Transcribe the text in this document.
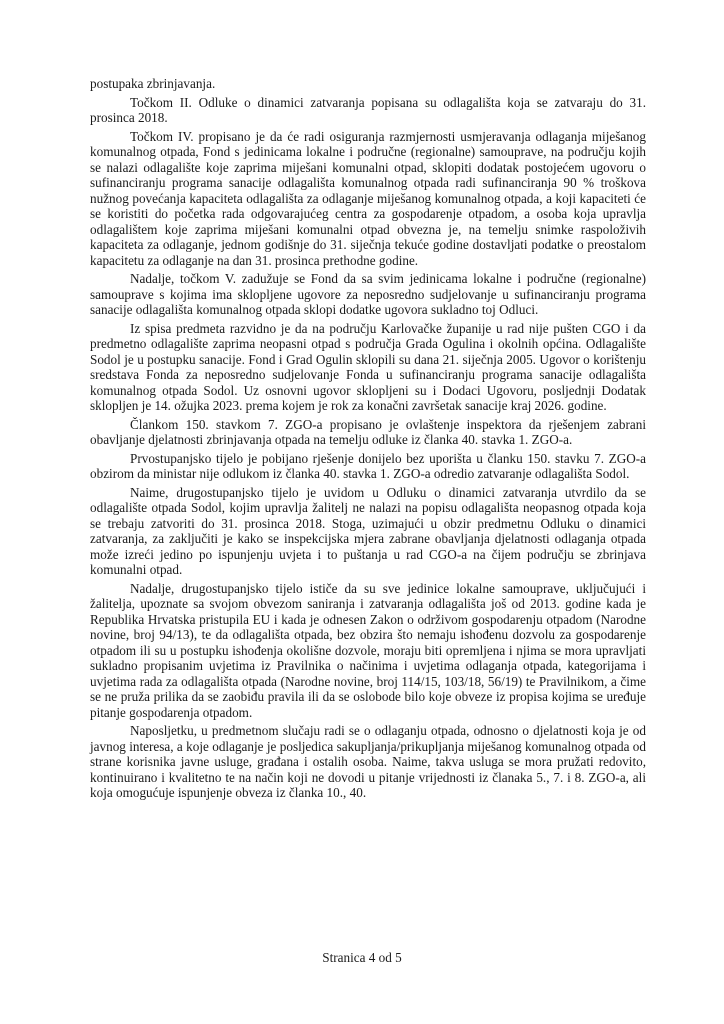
postupaka zbrinjavanja.

Točkom II. Odluke o dinamici zatvaranja popisana su odlagališta koja se zatvaraju do 31. prosinca 2018.

Točkom IV. propisano je da će radi osiguranja razmjernosti usmjeravanja odlaganja miješanog komunalnog otpada, Fond s jedinicama lokalne i područne (regionalne) samouprave, na području kojih se nalazi odlagalište koje zaprima miješani komunalni otpad, sklopiti dodatak postojećem ugovoru o sufinanciranju programa sanacije odlagališta komunalnog otpada radi sufinanciranja 90 % troškova nužnog povećanja kapaciteta odlagališta za odlaganje miješanog komunalnog otpada, a koji kapaciteti će se koristiti do početka rada odgovarajućeg centra za gospodarenje otpadom, a osoba koja upravlja odlagalištem koje zaprima miješani komunalni otpad obvezna je, na temelju snimke raspoloživih kapaciteta za odlaganje, jednom godišnje do 31. siječnja tekuće godine dostavljati podatke o preostalom kapacitetu za odlaganje na dan 31. prosinca prethodne godine.

Nadalje, točkom V. zadužuje se Fond da sa svim jedinicama lokalne i područne (regionalne) samouprave s kojima ima sklopljene ugovore za neposredno sudjelovanje u sufinanciranju programa sanacije odlagališta komunalnog otpada sklopi dodatke ugovora sukladno toj Odluci.

Iz spisa predmeta razvidno je da na području Karlovačke županije u rad nije pušten CGO i da predmetno odlagalište zaprima neopasni otpad s područja Grada Ogulina i okolnih općina. Odlagalište Sodol je u postupku sanacije. Fond i Grad Ogulin sklopili su dana 21. siječnja 2005. Ugovor o korištenju sredstava Fonda za neposredno sudjelovanje Fonda u sufinanciranju programa sanacije odlagališta komunalnog otpada Sodol. Uz osnovni ugovor sklopljeni su i Dodaci Ugovoru, posljednji Dodatak sklopljen je 14. ožujka 2023. prema kojem je rok za konačni završetak sanacije kraj 2026. godine.

Člankom 150. stavkom 7. ZGO-a propisano je ovlaštenje inspektora da rješenjem zabrani obavljanje djelatnosti zbrinjavanja otpada na temelju odluke iz članka 40. stavka 1. ZGO-a.

Prvostupanjsko tijelo je pobijano rješenje donijelo bez uporišta u članku 150. stavku 7. ZGO-a obzirom da ministar nije odlukom iz članka 40. stavka 1. ZGO-a odredio zatvaranje odlagališta Sodol.

Naime, drugostupanjsko tijelo je uvidom u Odluku o dinamici zatvaranja utvrdilo da se odlagalište otpada Sodol, kojim upravlja žalitelj ne nalazi na popisu odlagališta neopasnog otpada koja se trebaju zatvoriti do 31. prosinca 2018. Stoga, uzimajući u obzir predmetnu Odluku o dinamici zatvaranja, za zaključiti je kako se inspekcijska mjera zabrane obavljanja djelatnosti odlaganja otpada može izreći jedino po ispunjenju uvjeta i to puštanja u rad CGO-a na čijem području se zbrinjava komunalni otpad.

Nadalje, drugostupanjsko tijelo ističe da su sve jedinice lokalne samouprave, uključujući i žalitelja, upoznate sa svojom obvezom saniranja i zatvaranja odlagališta još od 2013. godine kada je Republika Hrvatska pristupila EU i kada je odnesen Zakon o održivom gospodarenju otpadom (Narodne novine, broj 94/13), te da odlagališta otpada, bez obzira što nemaju ishođenu dozvolu za gospodarenje otpadom ili su u postupku ishođenja okolišne dozvole, moraju biti opremljena i njima se mora upravljati sukladno propisanim uvjetima iz Pravilnika o načinima i uvjetima odlaganja otpada, kategorijama i uvjetima rada za odlagališta otpada (Narodne novine, broj 114/15, 103/18, 56/19) te Pravilnikom, a čime se ne pruža prilika da se zaobiđu pravila ili da se oslobode bilo koje obveze iz propisa kojima se uređuje pitanje gospodarenja otpadom.

Naposljetku, u predmetnom slučaju radi se o odlaganju otpada, odnosno o djelatnosti koja je od javnog interesa, a koje odlaganje je posljedica sakupljanja/prikupljanja miješanog komunalnog otpada od strane korisnika javne usluge, građana i ostalih osoba. Naime, takva usluga se mora pružati redovito, kontinuirano i kvalitetno te na način koji ne dovodi u pitanje vrijednosti iz članaka 5., 7. i 8. ZGO-a, ali koja omogućuje ispunjenje obveza iz članka 10., 40.

Stranica 4 od 5
